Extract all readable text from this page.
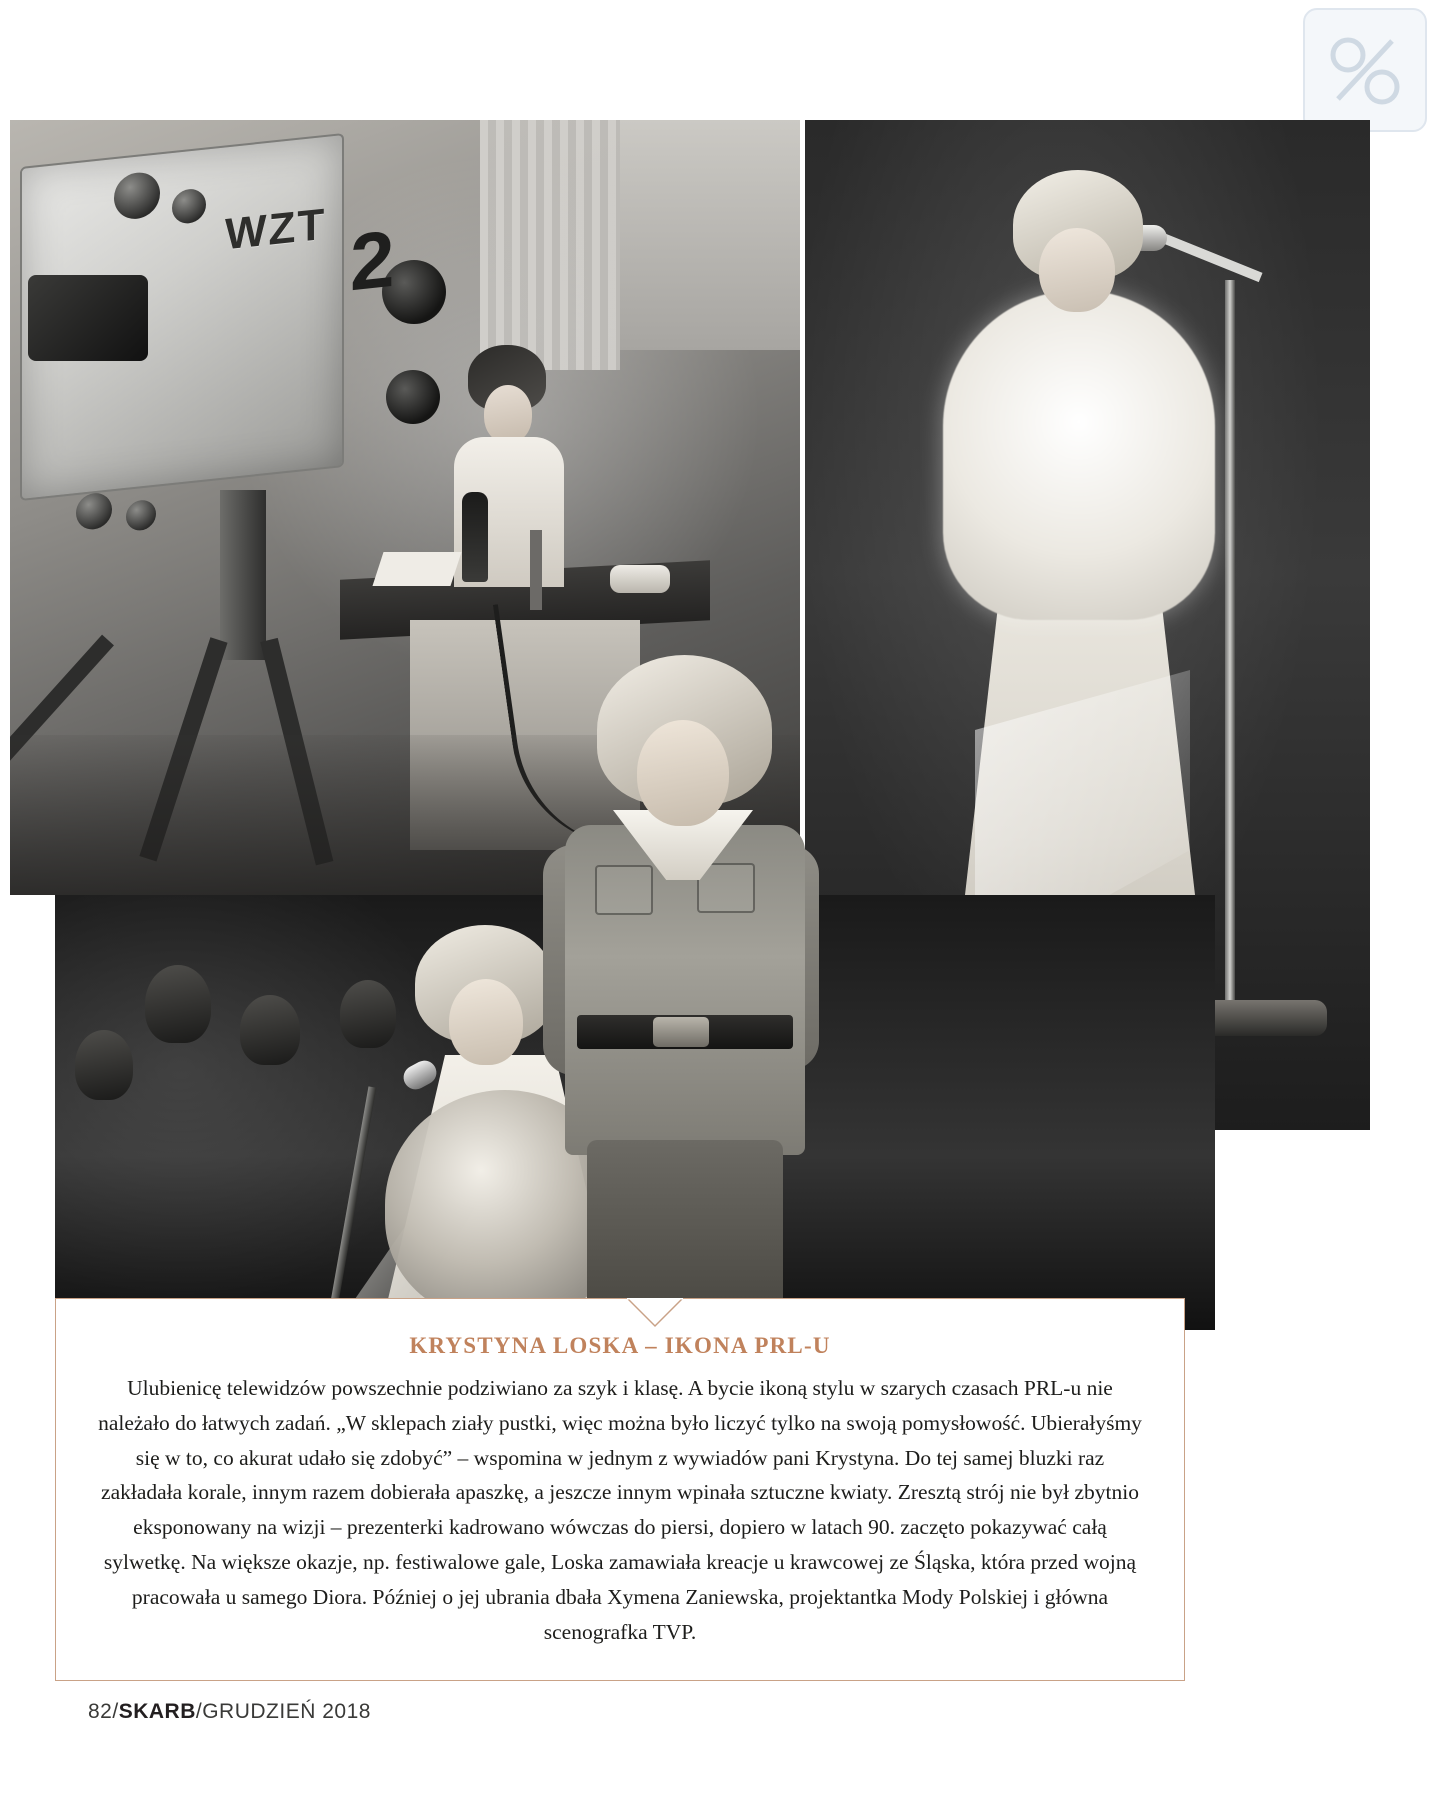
WZT 2
KRYSTYNA LOSKA – IKONA PRL-U

Ulubienicę telewidzów powszechnie podziwiano za szyk i klasę. A bycie ikoną stylu w szarych czasach PRL-u nie należało do łatwych zadań. „W sklepach ziały pustki, więc można było liczyć tylko na swoją pomysłowość. Ubierałyśmy się w to, co akurat udało się zdobyć” – wspomina w jednym z wywiadów pani Krystyna. Do tej samej bluzki raz zakładała korale, innym razem dobierała apaszkę, a jeszcze innym wpinała sztuczne kwiaty. Zresztą strój nie był zbytnio eksponowany na wizji – prezenterki kadrowano wówczas do piersi, dopiero w latach 90. zaczęto pokazywać całą sylwetkę. Na większe okazje, np. festiwalowe gale, Loska zamawiała kreacje u krawcowej ze Śląska, która przed wojną pracowała u samego Diora. Później o jej ubrania dbała Xymena Zaniewska, projektantka Mody Polskiej i główna scenografka TVP.

82/SKARB/GRUDZIEŃ 2018
